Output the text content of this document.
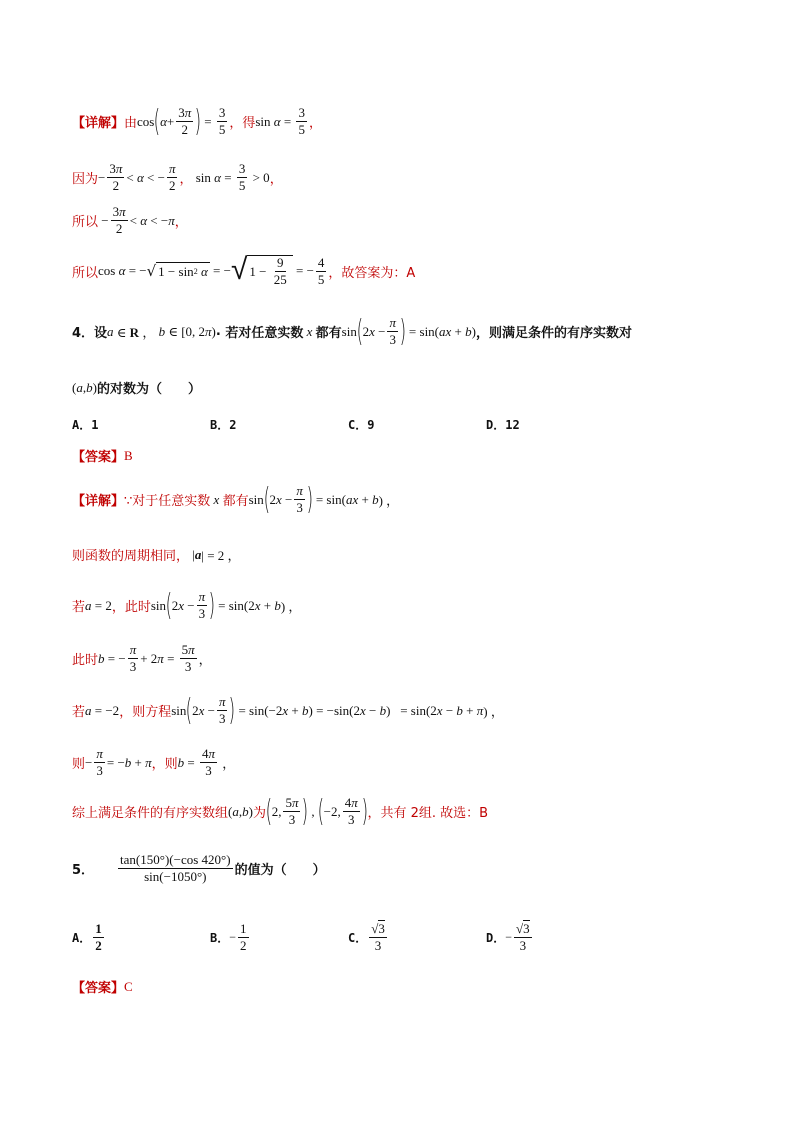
【详解】 由 cos ( $\alpha + \frac{3\pi}{2}$ ) = $\frac{3}{5}$ ，得 $\sin \alpha = \frac{3}{5}$ ，
因为 − $\frac{3\pi}{2} < \alpha$ < − $\frac{\pi}{2}$ ， $\sin \alpha = \frac{3}{5} > 0$ ，
所以 − $\frac{3\pi}{2} < \alpha$ < − π ，
所以 cos α = − √ 1 − sin 2
α = − √ $1 - \frac{9}{25}$ = − $\frac{4}{5}$ ，故答案为：A
4．设 a ∈ R ， b ∈ [0, 2 π ) . 若对任意实数 x 都有 sin ( 2 $x - \frac{\pi}{3}$ ) = sin( ax + b ) ，则满足条件的有序实数对
( a , b ) 的对数为（　　）
A．1	B．2	C．9	D．12
【答案】 B
【详解】 ∵对于任意实数 x 都有 sin ( 2 $x - \frac{\pi}{3}$ ) = sin( ax + b ) ，
则函数的周期相同， | a | = 2 ，
若 a = 2 ，此时 sin ( 2 $x - \frac{\pi}{3}$ ) = sin(2 x + b ) ，
此时 b = − $\frac{\pi}{3} + 2$ $\pi = \frac{5\pi}{3}$ ，
若 a = −2 ，则方程 sin ( 2 $x - \frac{\pi}{3}$ ) = sin(−2 x + b ) = −sin(2 x − b )   = sin(2 x − b + π ) ，
则 − $\frac{\pi}{3}$ = − b + π ，则 $b = \frac{4\pi}{3}$ ，
综上满足条件的有序实数组 ( a , b ) 为 ( 2, $\frac{5\pi}{3}$ ) , ( −2, $\frac{4\pi}{3}$ ) ，共有 2组. 故选：B
5． $\frac{\tan(150^\circ)(-\cos 420^\circ)}{\sin(-1050^\circ)}$ 的值为（　　）
A． $\frac{1}{2}$	B． − $\frac{1}{2}$	C． $\frac{√3}{3}$	D． − $\frac{√3}{3}$
【答案】 C
